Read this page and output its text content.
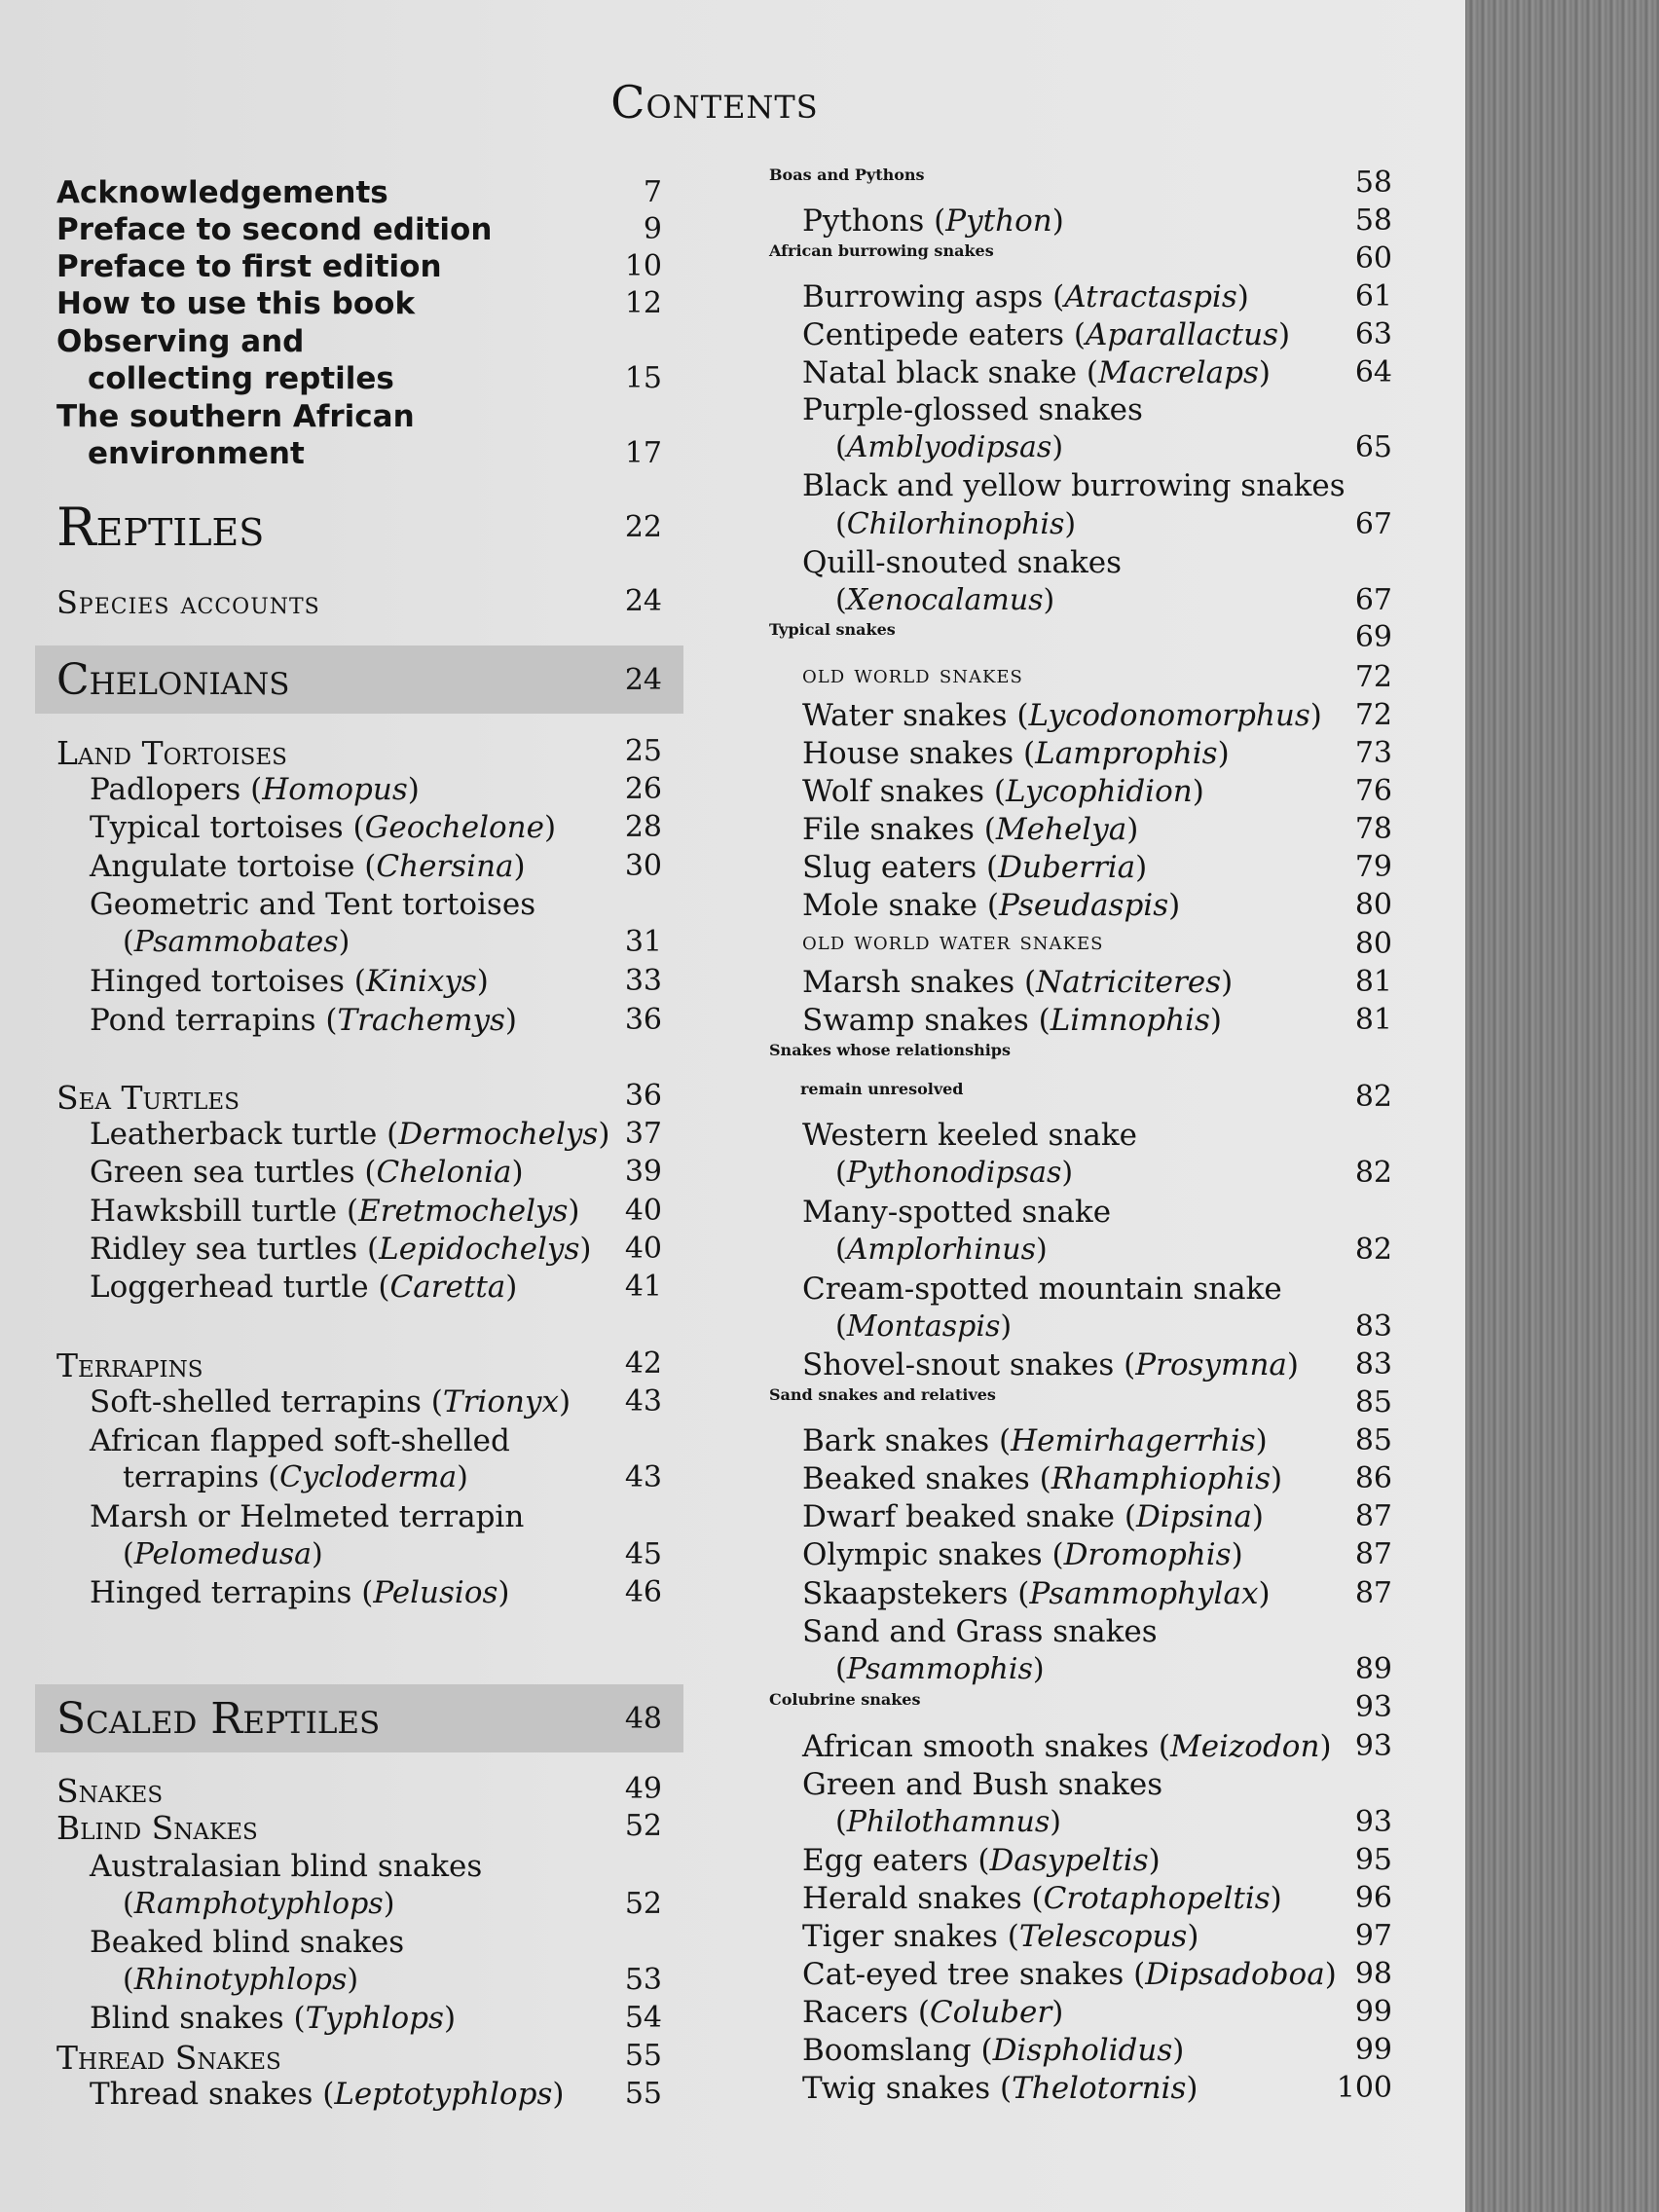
Contents
Acknowledgements	7
Preface to second edition	9
Preface to first edition	10
How to use this book	12
Observing and
collecting reptiles	15
The southern African
environment	17
Reptiles	22
Species accounts	24
Chelonians	24
Land Tortoises	25
Padlopers (Homopus)	26
Typical tortoises (Geochelone) 28
Angulate tortoise (Chersina)	30
Geometric and Tent tortoises
(Psammobates)	31
Hinged tortoises (Kinixys)	33
Pond terrapins (Trachemys)	36
Sea Turtles	36
Leatherback turtle (Dermochelys) 37
Green sea turtles (Chelonia)	39
Hawksbill turtle (Eretmochelys) 40
Ridley sea turtles (Lepidochelys) 40
Loggerhead turtle (Caretta)	41
Terrapins	42
Soft-shelled terrapins (Trionyx) 43
African flapped soft-shelled
terrapins (Cycloderma)	43
Marsh or Helmeted terrapin
(Pelomedusa)	45
Hinged terrapins (Pelusios)	46
Scaled Reptiles	48
Snakes	49
Blind Snakes	52
Australasian blind snakes
(Ramphotyphlops)	52
Beaked blind snakes
(Rhinotyphlops)	53
Blind snakes (Typhlops)	54
Thread Snakes	55
Thread snakes (Leptotyphlops) 55
Boas and Pythons	58
Pythons (Python)	58
African burrowing snakes	60
Burrowing asps (Atractaspis)	61
Centipede eaters (Aparallactus) 63
Natal black snake (Macrelaps)	64
Purple-glossed snakes
(Amblyodipsas)	65
Black and yellow burrowing snakes
(Chilorhinophis)	67
Quill-snouted snakes
(Xenocalamus)	67
Typical snakes	69
old world snakes	72
Water snakes (Lycodonomorphus) 72
House snakes (Lamprophis)	73
Wolf snakes (Lycophidion)	76
File snakes (Mehelya)	78
Slug eaters (Duberria)	79
Mole snake (Pseudaspis)	80
old world water snakes	80
Marsh snakes (Natriciteres)	81
Swamp snakes (Limnophis)	81
Snakes whose relationships
remain unresolved	82
Western keeled snake
(Pythonodipsas)	82
Many-spotted snake
(Amplorhinus)	82
Cream-spotted mountain snake
(Montaspis)	83
Shovel-snout snakes (Prosymna) 83
Sand snakes and relatives	85
Bark snakes (Hemirhagerrhis)	85
Beaked snakes (Rhamphiophis) 86
Dwarf beaked snake (Dipsina)	87
Olympic snakes (Dromophis)	87
Skaapstekers (Psammophylax)	87
Sand and Grass snakes
(Psammophis)	89
Colubrine snakes	93
African smooth snakes (Meizodon) 93
Green and Bush snakes
(Philothamnus)	93
Egg eaters (Dasypeltis)	95
Herald snakes (Crotaphopeltis)	96
Tiger snakes (Telescopus)	97
Cat-eyed tree snakes (Dipsadoboa) 98
Racers (Coluber)	99
Boomslang (Dispholidus)	99
Twig snakes (Thelotornis)	100
